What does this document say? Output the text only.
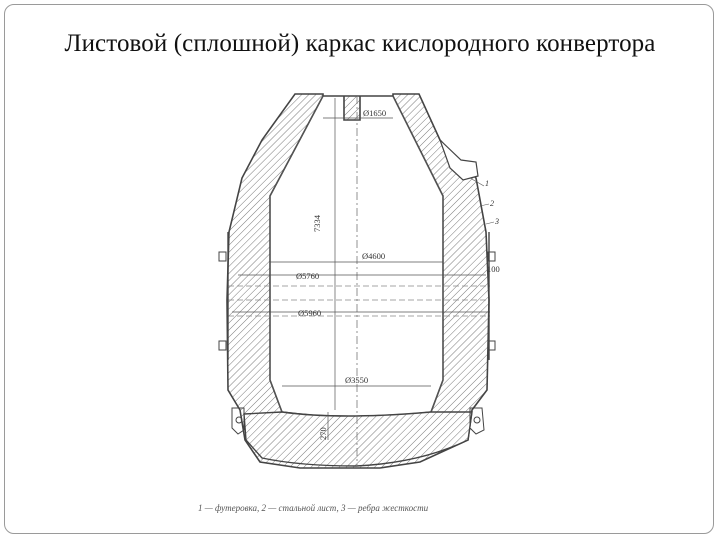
Листовой (сплошной) каркас кислородного конвертора
Ø1650
7334
Ø4600
Ø5760
Ø5960
Ø3550
270
100
1
2
3
1 — футеровка, 2 — стальной лист, 3 — ребра жесткости
